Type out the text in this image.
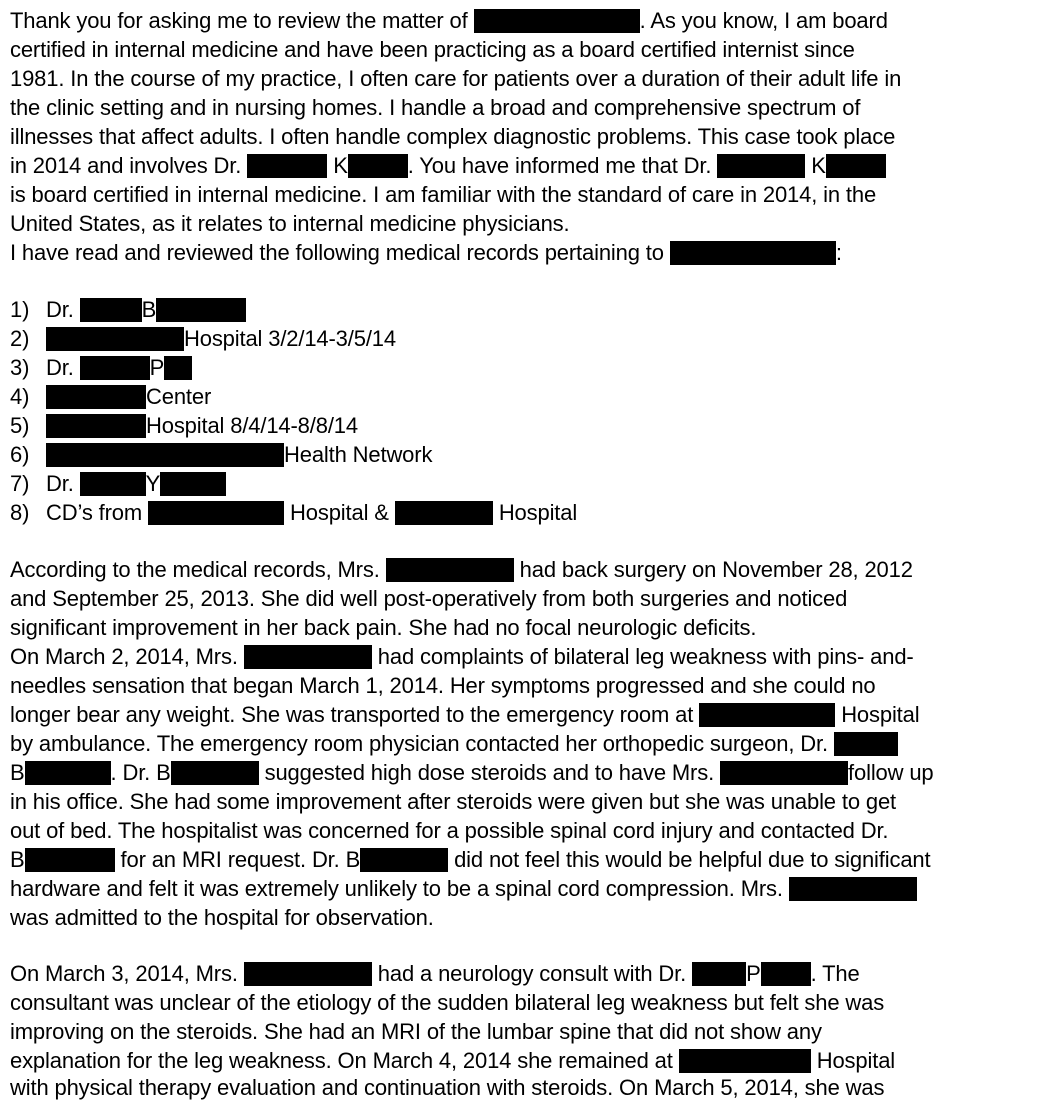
Thank you for asking me to review the matter of	. As you know, I am board
certified in internal medicine and have been practicing as a board certified internist since
1981. In the course of my practice, I often care for patients over a duration of their adult life in
the clinic setting and in nursing homes. I handle a broad and comprehensive spectrum of
illnesses that affect adults. I often handle complex diagnostic problems. This case took place
in 2014 and involves Dr.	K	. You have informed me that Dr.	K
is board certified in internal medicine. I am familiar with the standard of care in 2014, in the
United States, as it relates to internal medicine physicians.
I have read and reviewed the following medical records pertaining to	:
1) Dr.	B
2)	Hospital 3/2/14-3/5/14
3) Dr.	P
4)	Center
5)	Hospital 8/4/14-8/8/14
6)	Health Network
7) Dr.	Y
8) CD’s from	Hospital &	Hospital
According to the medical records, Mrs.	had back surgery on November 28, 2012
and September 25, 2013. She did well post-operatively from both surgeries and noticed
significant improvement in her back pain. She had no focal neurologic deficits.
On March 2, 2014, Mrs.	had complaints of bilateral leg weakness with pins- and-
needles sensation that began March 1, 2014. Her symptoms progressed and she could no
longer bear any weight. She was transported to the emergency room at	Hospital
by ambulance. The emergency room physician contacted her orthopedic surgeon, Dr.
B	. Dr. B	suggested high dose steroids and to have Mrs.	follow up
in his office. She had some improvement after steroids were given but she was unable to get
out of bed. The hospitalist was concerned for a possible spinal cord injury and contacted Dr.
B	for an MRI request. Dr. B	did not feel this would be helpful due to significant
hardware and felt it was extremely unlikely to be a spinal cord compression. Mrs.
was admitted to the hospital for observation.
On March 3, 2014, Mrs.	had a neurology consult with Dr.	P . The
consultant was unclear of the etiology of the sudden bilateral leg weakness but felt she was
improving on the steroids. She had an MRI of the lumbar spine that did not show any
explanation for the leg weakness. On March 4, 2014 she remained at	Hospital
with physical therapy evaluation and continuation with steroids. On March 5, 2014, she was
